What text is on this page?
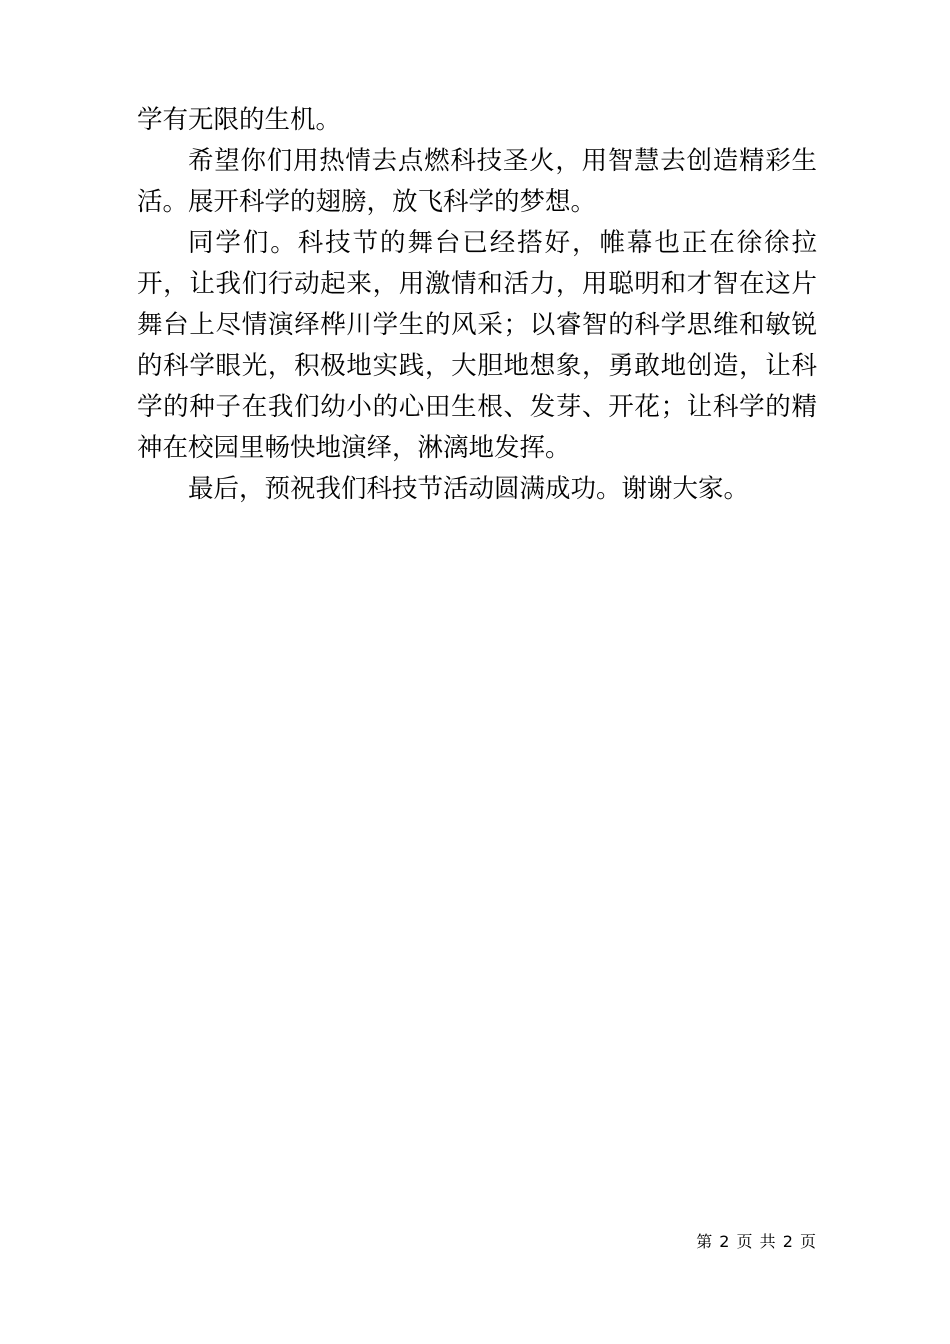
学有无限的生机。

希望你们用热情去点燃科技圣火，用智慧去创造精彩生活。展开科学的翅膀，放飞科学的梦想。

同学们。科技节的舞台已经搭好，帷幕也正在徐徐拉开，让我们行动起来，用激情和活力，用聪明和才智在这片舞台上尽情演绎桦川学生的风采；以睿智的科学思维和敏锐的科学眼光，积极地实践，大胆地想象，勇敢地创造，让科学的种子在我们幼小的心田生根、发芽、开花；让科学的精神在校园里畅快地演绎，淋漓地发挥。

最后，预祝我们科技节活动圆满成功。谢谢大家。

第 2 页 共 2 页
